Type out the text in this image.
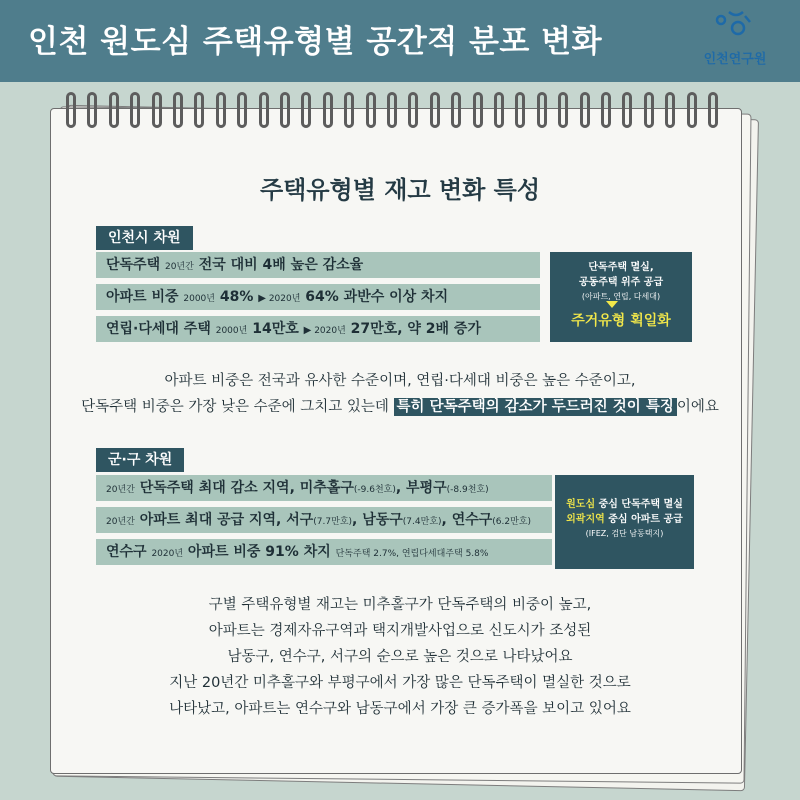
인천 원도심 주택유형별 공간적 분포 변화	인천연구원
주택유형별 재고 변화 특성
인천시 차원
단독주택 20년간 전국 대비 4배 높은 감소율
아파트 비중 2000년 48% ▶ 2020년 64% 과반수 이상 차지
연립·다세대 주택 2000년 14만호 ▶ 2020년 27만호, 약 2배 증가
단독주택 멸실,
공동주택 위주 공급
(아파트, 연립, 다세대)
주거유형 획일화
아파트 비중은 전국과 유사한 수준이며, 연립·다세대 비중은 높은 수준이고,
단독주택 비중은 가장 낮은 수준에 그치고 있는데 특히 단독주택의 감소가 두드러진 것이 특징 이에요
군·구 차원
20년간 단독주택 최대 감소 지역, 미추홀구(-9.6천호), 부평구(-8.9천호)
20년간 아파트 최대 공급 지역, 서구(7.7만호), 남동구(7.4만호), 연수구(6.2만호)
연수구 2020년 아파트 비중 91% 차지 단독주택 2.7%, 연립다세대주택 5.8%
원도심 중심 단독주택 멸실
외곽지역 중심 아파트 공급
(IFEZ, 검단 남동택지)
구별 주택유형별 재고는 미추홀구가 단독주택의 비중이 높고,
아파트는 경제자유구역과 택지개발사업으로 신도시가 조성된
남동구, 연수구, 서구의 순으로 높은 것으로 나타났어요
지난 20년간 미추홀구와 부평구에서 가장 많은 단독주택이 멸실한 것으로
나타났고, 아파트는 연수구와 남동구에서 가장 큰 증가폭을 보이고 있어요
